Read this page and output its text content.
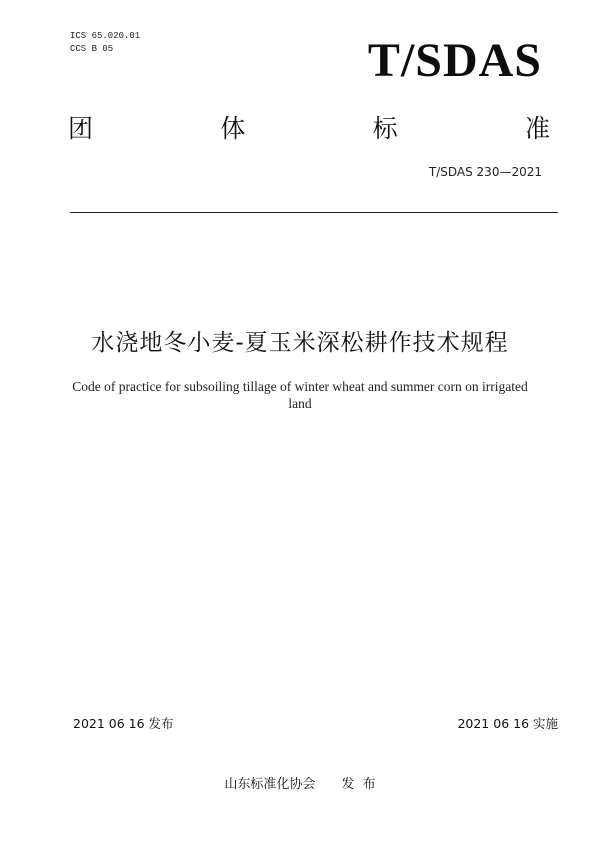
ICS 65.020.01
CCS B 05	T/SDAS
团	体	标	准
T/SDAS 230—2021
水浇地冬小麦-夏玉米深松耕作技术规程
Code of practice for subsoiling tillage of winter wheat and summer corn on irrigated land
2021 06 16 发布	2021 06 16 实施
山东标准化协会 发  布
